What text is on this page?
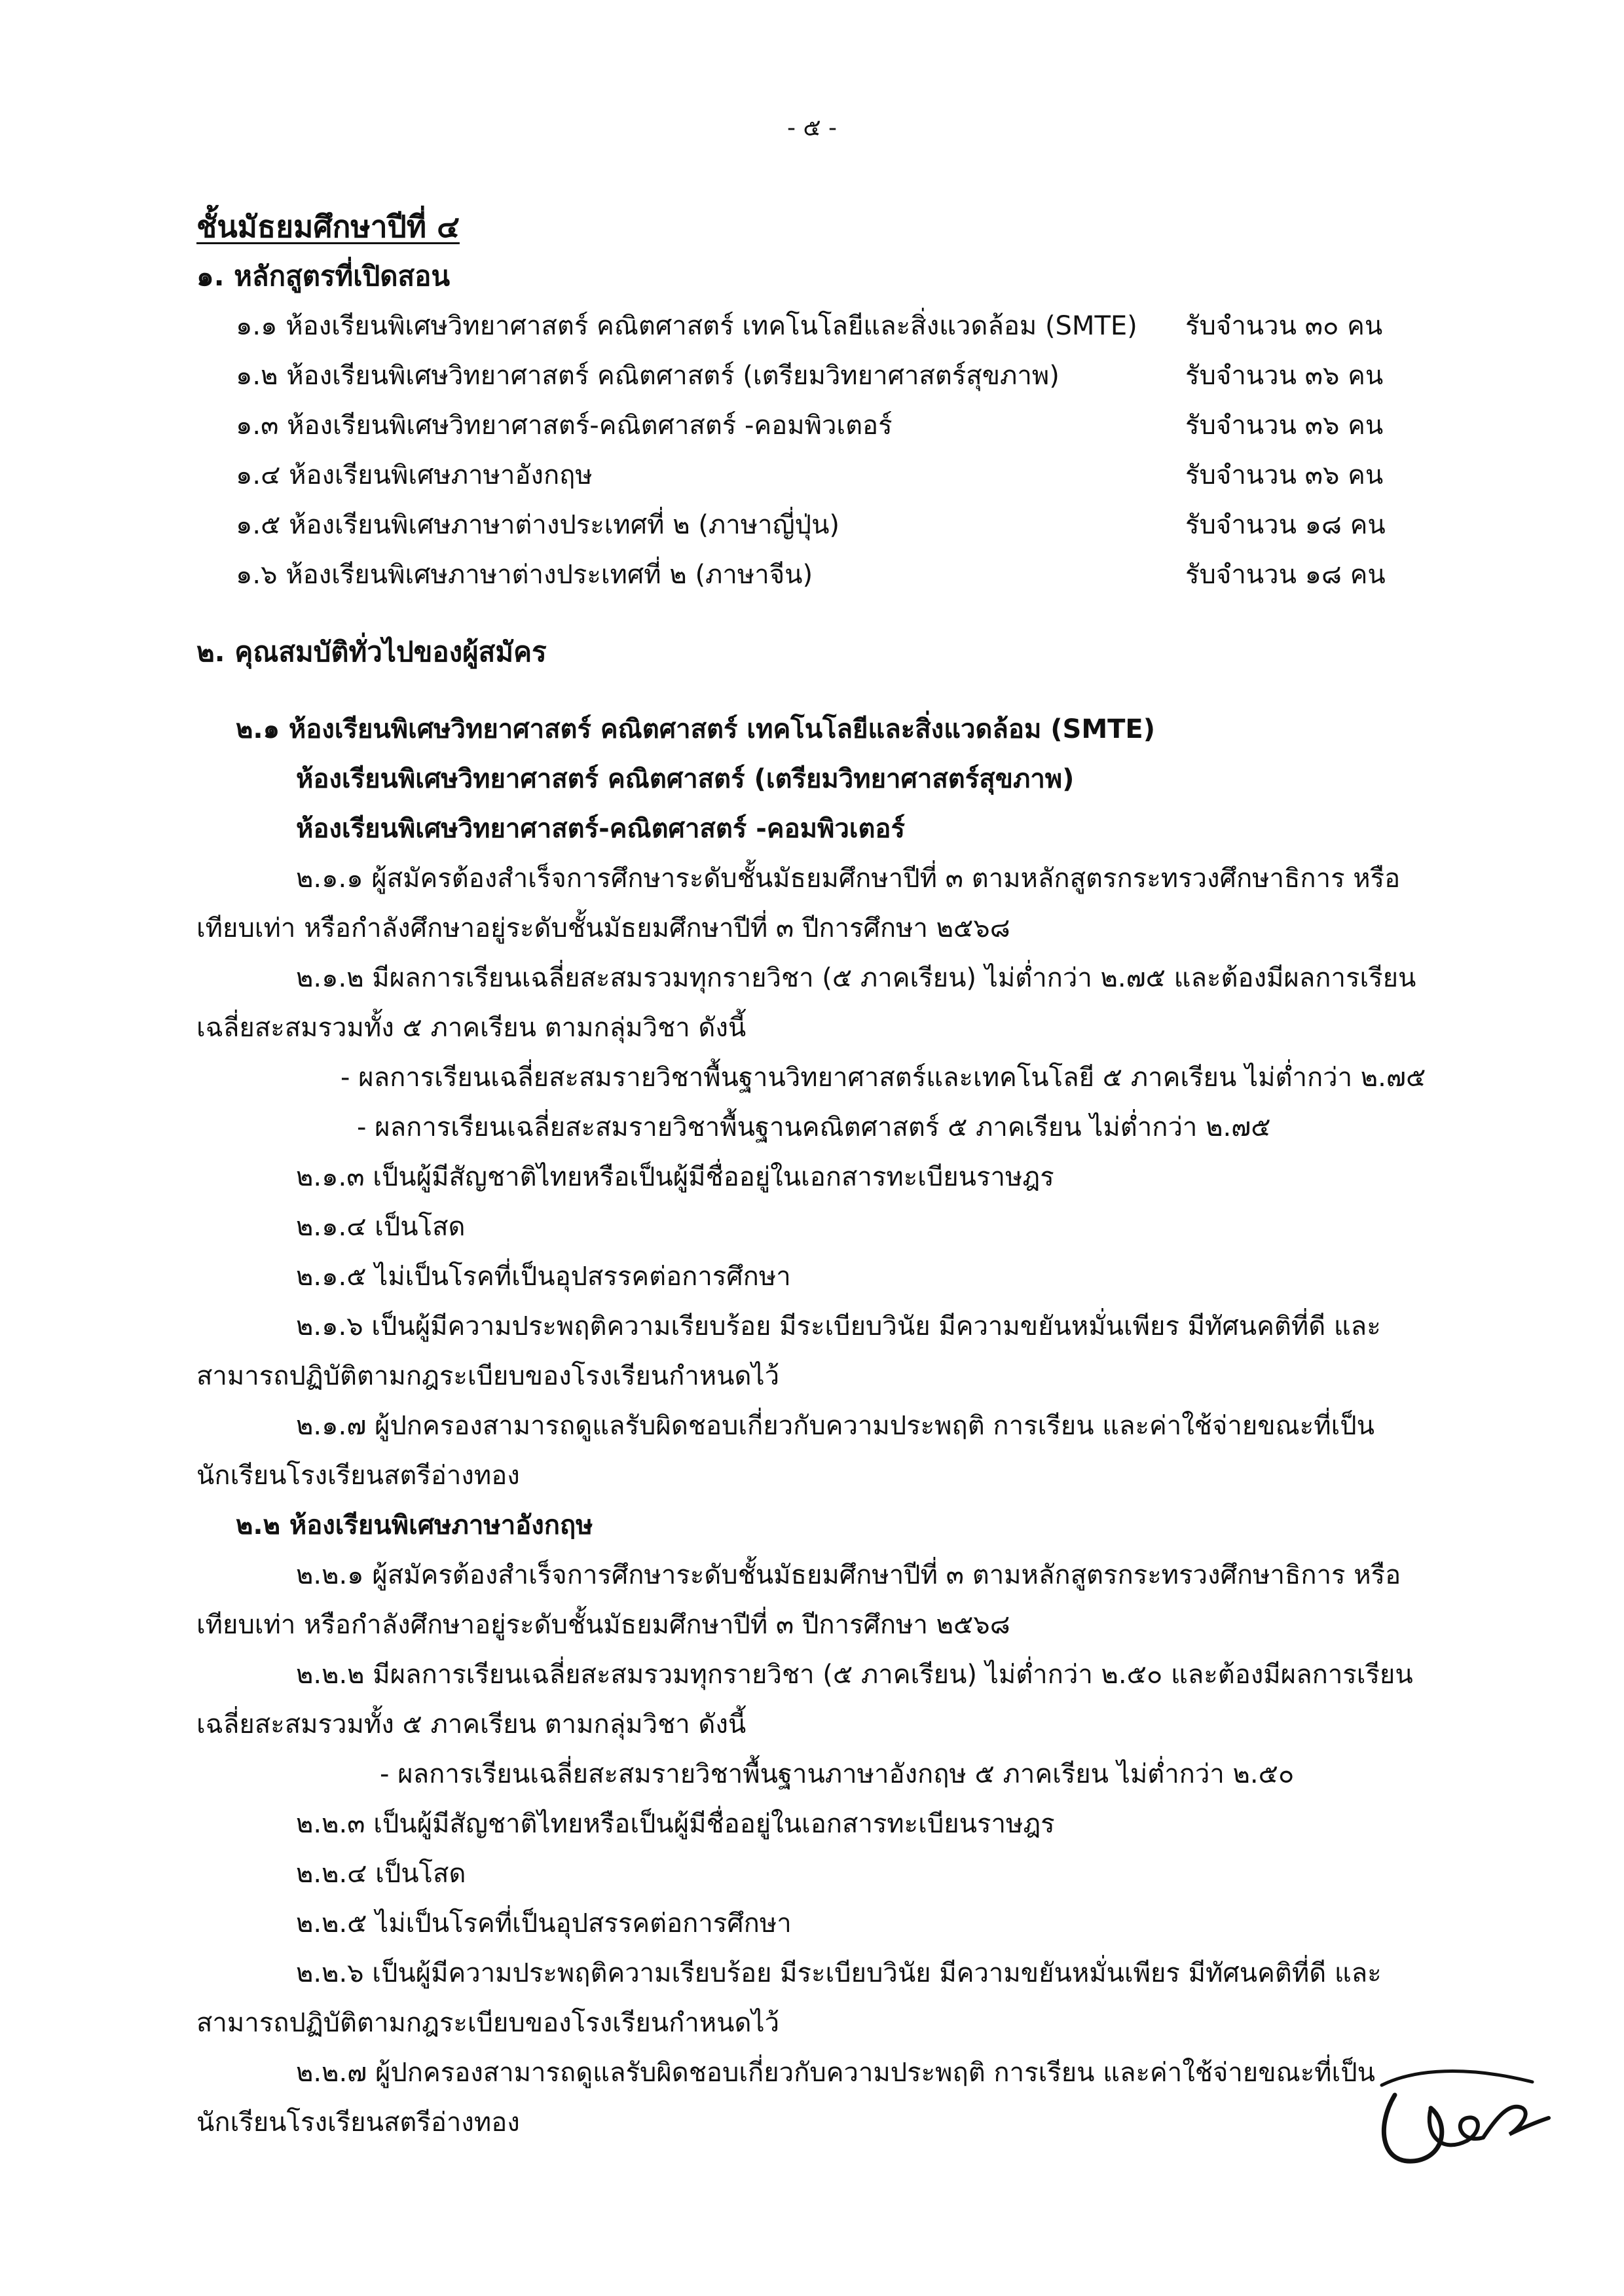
- ๕ -
ชั้นมัธยมศึกษาปีที่ ๔
๑. หลักสูตรที่เปิดสอน
๑.๑ ห้องเรียนพิเศษวิทยาศาสตร์ คณิตศาสตร์ เทคโนโลยีและสิ่งแวดล้อม (SMTE) รับจำนวน ๓๐ คน
๑.๒ ห้องเรียนพิเศษวิทยาศาสตร์ คณิตศาสตร์ (เตรียมวิทยาศาสตร์สุขภาพ)	รับจำนวน ๓๖ คน
๑.๓ ห้องเรียนพิเศษวิทยาศาสตร์-คณิตศาสตร์ -คอมพิวเตอร์	รับจำนวน ๓๖ คน
๑.๔ ห้องเรียนพิเศษภาษาอังกฤษ	รับจำนวน ๓๖ คน
๑.๕ ห้องเรียนพิเศษภาษาต่างประเทศที่ ๒ (ภาษาญี่ปุ่น)	รับจำนวน ๑๘ คน
๑.๖ ห้องเรียนพิเศษภาษาต่างประเทศที่ ๒ (ภาษาจีน)	รับจำนวน ๑๘ คน
๒. คุณสมบัติทั่วไปของผู้สมัคร
๒.๑ ห้องเรียนพิเศษวิทยาศาสตร์ คณิตศาสตร์ เทคโนโลยีและสิ่งแวดล้อม (SMTE)
ห้องเรียนพิเศษวิทยาศาสตร์ คณิตศาสตร์ (เตรียมวิทยาศาสตร์สุขภาพ)
ห้องเรียนพิเศษวิทยาศาสตร์-คณิตศาสตร์ -คอมพิวเตอร์
๒.๑.๑ ผู้สมัครต้องสำเร็จการศึกษาระดับชั้นมัธยมศึกษาปีที่ ๓ ตามหลักสูตรกระทรวงศึกษาธิการ หรือ
เทียบเท่า หรือกำลังศึกษาอยู่ระดับชั้นมัธยมศึกษาปีที่ ๓ ปีการศึกษา ๒๕๖๘
๒.๑.๒ มีผลการเรียนเฉลี่ยสะสมรวมทุกรายวิชา (๕ ภาคเรียน) ไม่ต่ำกว่า ๒.๗๕ และต้องมีผลการเรียน
เฉลี่ยสะสมรวมทั้ง ๕ ภาคเรียน ตามกลุ่มวิชา ดังนี้
- ผลการเรียนเฉลี่ยสะสมรายวิชาพื้นฐานวิทยาศาสตร์และเทคโนโลยี ๕ ภาคเรียน ไม่ต่ำกว่า ๒.๗๕
- ผลการเรียนเฉลี่ยสะสมรายวิชาพื้นฐานคณิตศาสตร์ ๕ ภาคเรียน ไม่ต่ำกว่า ๒.๗๕
๒.๑.๓ เป็นผู้มีสัญชาติไทยหรือเป็นผู้มีชื่ออยู่ในเอกสารทะเบียนราษฎร
๒.๑.๔ เป็นโสด
๒.๑.๕ ไม่เป็นโรคที่เป็นอุปสรรคต่อการศึกษา
๒.๑.๖ เป็นผู้มีความประพฤติความเรียบร้อย มีระเบียบวินัย มีความขยันหมั่นเพียร มีทัศนคติที่ดี และ
สามารถปฏิบัติตามกฎระเบียบของโรงเรียนกำหนดไว้
๒.๑.๗ ผู้ปกครองสามารถดูแลรับผิดชอบเกี่ยวกับความประพฤติ การเรียน และค่าใช้จ่ายขณะที่เป็น
นักเรียนโรงเรียนสตรีอ่างทอง
๒.๒ ห้องเรียนพิเศษภาษาอังกฤษ
๒.๒.๑ ผู้สมัครต้องสำเร็จการศึกษาระดับชั้นมัธยมศึกษาปีที่ ๓ ตามหลักสูตรกระทรวงศึกษาธิการ หรือ
เทียบเท่า หรือกำลังศึกษาอยู่ระดับชั้นมัธยมศึกษาปีที่ ๓ ปีการศึกษา ๒๕๖๘
๒.๒.๒ มีผลการเรียนเฉลี่ยสะสมรวมทุกรายวิชา (๕ ภาคเรียน) ไม่ต่ำกว่า ๒.๕๐ และต้องมีผลการเรียน
เฉลี่ยสะสมรวมทั้ง ๕ ภาคเรียน ตามกลุ่มวิชา ดังนี้
- ผลการเรียนเฉลี่ยสะสมรายวิชาพื้นฐานภาษาอังกฤษ ๕ ภาคเรียน ไม่ต่ำกว่า ๒.๕๐
๒.๒.๓ เป็นผู้มีสัญชาติไทยหรือเป็นผู้มีชื่ออยู่ในเอกสารทะเบียนราษฎร
๒.๒.๔ เป็นโสด
๒.๒.๕ ไม่เป็นโรคที่เป็นอุปสรรคต่อการศึกษา
๒.๒.๖ เป็นผู้มีความประพฤติความเรียบร้อย มีระเบียบวินัย มีความขยันหมั่นเพียร มีทัศนคติที่ดี และ
สามารถปฏิบัติตามกฎระเบียบของโรงเรียนกำหนดไว้
๒.๒.๗ ผู้ปกครองสามารถดูแลรับผิดชอบเกี่ยวกับความประพฤติ การเรียน และค่าใช้จ่ายขณะที่เป็น
นักเรียนโรงเรียนสตรีอ่างทอง
